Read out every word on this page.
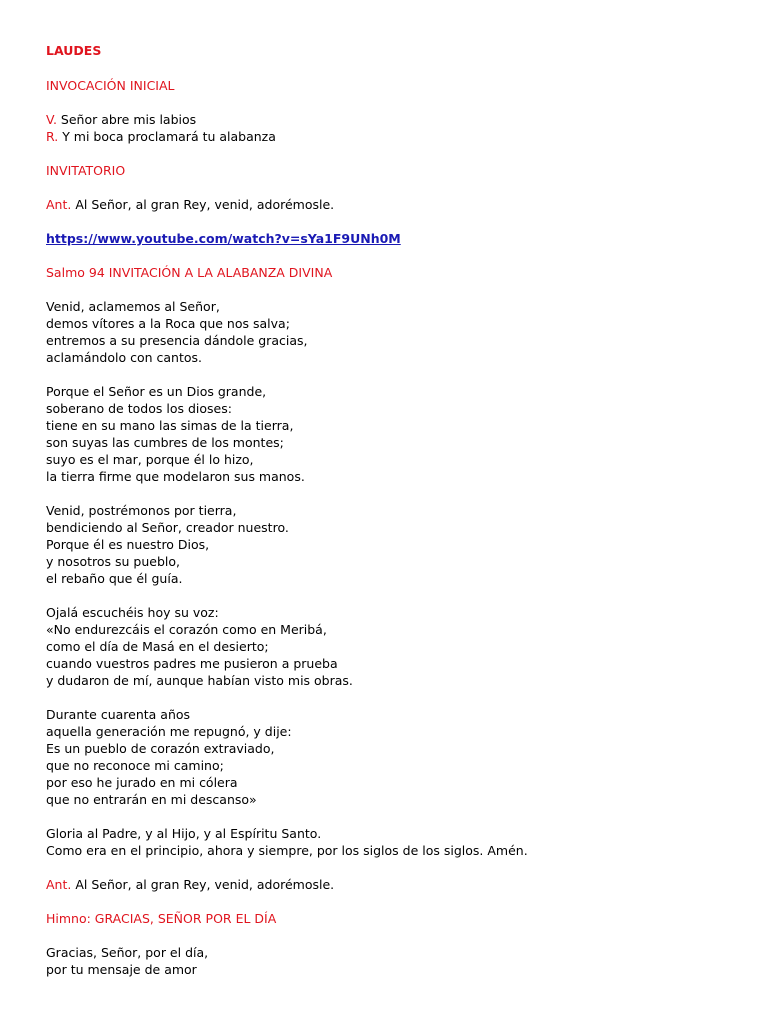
LAUDES
INVOCACIÓN INICIAL
V. Señor abre mis labios
R. Y mi boca proclamará tu alabanza
INVITATORIO
Ant. Al Señor, al gran Rey, venid, adorémosle.
https://www.youtube.com/watch?v=sYa1F9UNh0M
Salmo 94 INVITACIÓN A LA ALABANZA DIVINA
Venid, aclamemos al Señor,
demos vítores a la Roca que nos salva;
entremos a su presencia dándole gracias,
aclamándolo con cantos.
Porque el Señor es un Dios grande,
soberano de todos los dioses:
tiene en su mano las simas de la tierra,
son suyas las cumbres de los montes;
suyo es el mar, porque él lo hizo,
la tierra firme que modelaron sus manos.
Venid, postrémonos por tierra,
bendiciendo al Señor, creador nuestro.
Porque él es nuestro Dios,
y nosotros su pueblo,
el rebaño que él guía.
Ojalá escuchéis hoy su voz:
«No endurezcáis el corazón como en Meribá,
como el día de Masá en el desierto;
cuando vuestros padres me pusieron a prueba
y dudaron de mí, aunque habían visto mis obras.
Durante cuarenta años
aquella generación me repugnó, y dije:
Es un pueblo de corazón extraviado,
que no reconoce mi camino;
por eso he jurado en mi cólera
que no entrarán en mi descanso»
Gloria al Padre, y al Hijo, y al Espíritu Santo.
Como era en el principio, ahora y siempre, por los siglos de los siglos. Amén.
Ant. Al Señor, al gran Rey, venid, adorémosle.
Himno: GRACIAS, SEÑOR POR EL DÍA
Gracias, Señor, por el día,
por tu mensaje de amor
